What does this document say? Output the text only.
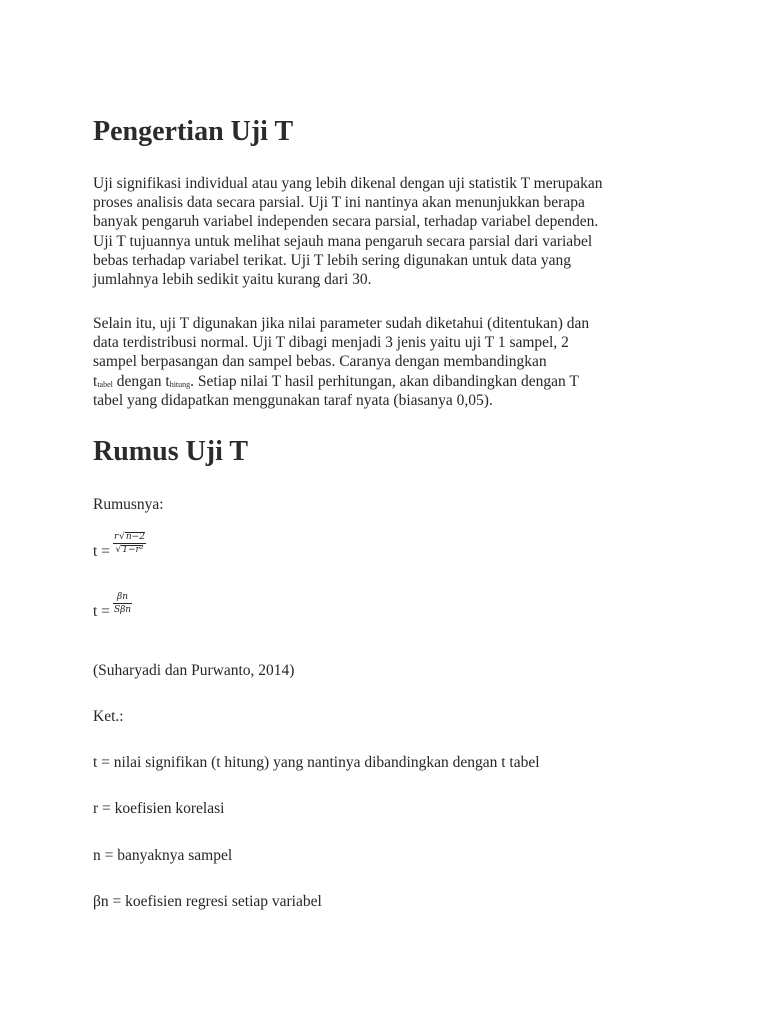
Pengertian Uji T
Uji signifikasi individual atau yang lebih dikenal dengan uji statistik T merupakan
proses analisis data secara parsial. Uji T ini nantinya akan menunjukkan berapa
banyak pengaruh variabel independen secara parsial, terhadap variabel dependen.
Uji T tujuannya untuk melihat sejauh mana pengaruh secara parsial dari variabel
bebas terhadap variabel terikat. Uji T lebih sering digunakan untuk data yang
jumlahnya lebih sedikit yaitu kurang dari 30.
Selain itu, uji T digunakan jika nilai parameter sudah diketahui (ditentukan) dan
data terdistribusi normal. Uji T dibagi menjadi 3 jenis yaitu uji T 1 sampel, 2
sampel berpasangan dan sampel bebas. Caranya dengan membandingkan
$t_{tabel}$ dengan $t_{hitung}$. Setiap nilai T hasil perhitungan, akan dibandingkan dengan T
tabel yang didapatkan menggunakan taraf nyata (biasanya 0,05).
Rumus Uji T

Rumusnya:

$t = \frac{r √n-2}{\text{√1−r²}}$
$t = \frac{\beta n}{\text{Sβn}}$

(Suharyadi dan Purwanto, 2014)

Ket.:

t = nilai signifikan (t hitung) yang nantinya dibandingkan dengan t tabel

r = koefisien korelasi

n = banyaknya sampel

βn = koefisien regresi setiap variabel
